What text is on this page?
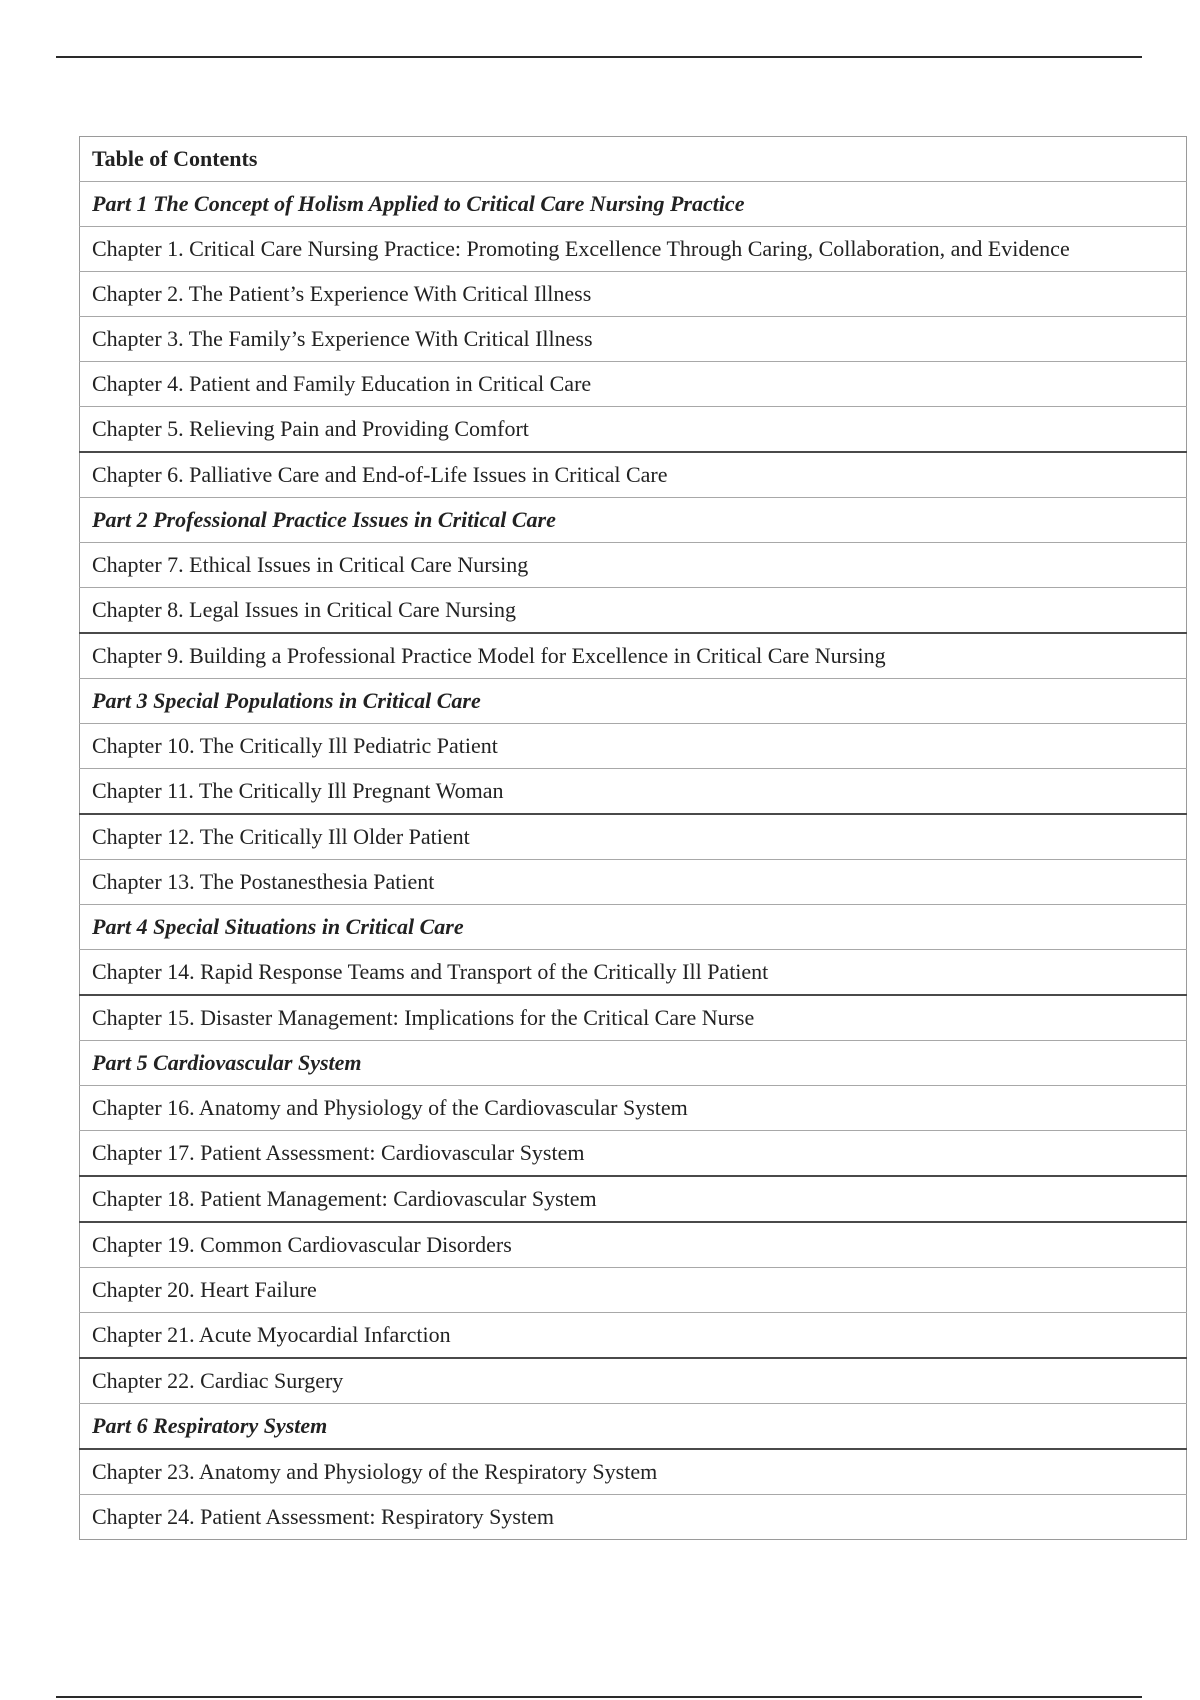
Table of Contents
Part 1 The Concept of Holism Applied to Critical Care Nursing Practice
Chapter 1. Critical Care Nursing Practice: Promoting Excellence Through Caring, Collaboration, and Evidence
Chapter 2. The Patient’s Experience With Critical Illness
Chapter 3. The Family’s Experience With Critical Illness
Chapter 4. Patient and Family Education in Critical Care
Chapter 5. Relieving Pain and Providing Comfort
Chapter 6. Palliative Care and End-of-Life Issues in Critical Care
Part 2 Professional Practice Issues in Critical Care
Chapter 7. Ethical Issues in Critical Care Nursing
Chapter 8. Legal Issues in Critical Care Nursing
Chapter 9. Building a Professional Practice Model for Excellence in Critical Care Nursing
Part 3 Special Populations in Critical Care
Chapter 10. The Critically Ill Pediatric Patient
Chapter 11. The Critically Ill Pregnant Woman
Chapter 12. The Critically Ill Older Patient
Chapter 13. The Postanesthesia Patient
Part 4 Special Situations in Critical Care
Chapter 14. Rapid Response Teams and Transport of the Critically Ill Patient
Chapter 15. Disaster Management: Implications for the Critical Care Nurse
Part 5 Cardiovascular System
Chapter 16. Anatomy and Physiology of the Cardiovascular System
Chapter 17. Patient Assessment: Cardiovascular System
Chapter 18. Patient Management: Cardiovascular System
Chapter 19. Common Cardiovascular Disorders
Chapter 20. Heart Failure
Chapter 21. Acute Myocardial Infarction
Chapter 22. Cardiac Surgery
Part 6 Respiratory System
Chapter 23. Anatomy and Physiology of the Respiratory System
Chapter 24. Patient Assessment: Respiratory System
